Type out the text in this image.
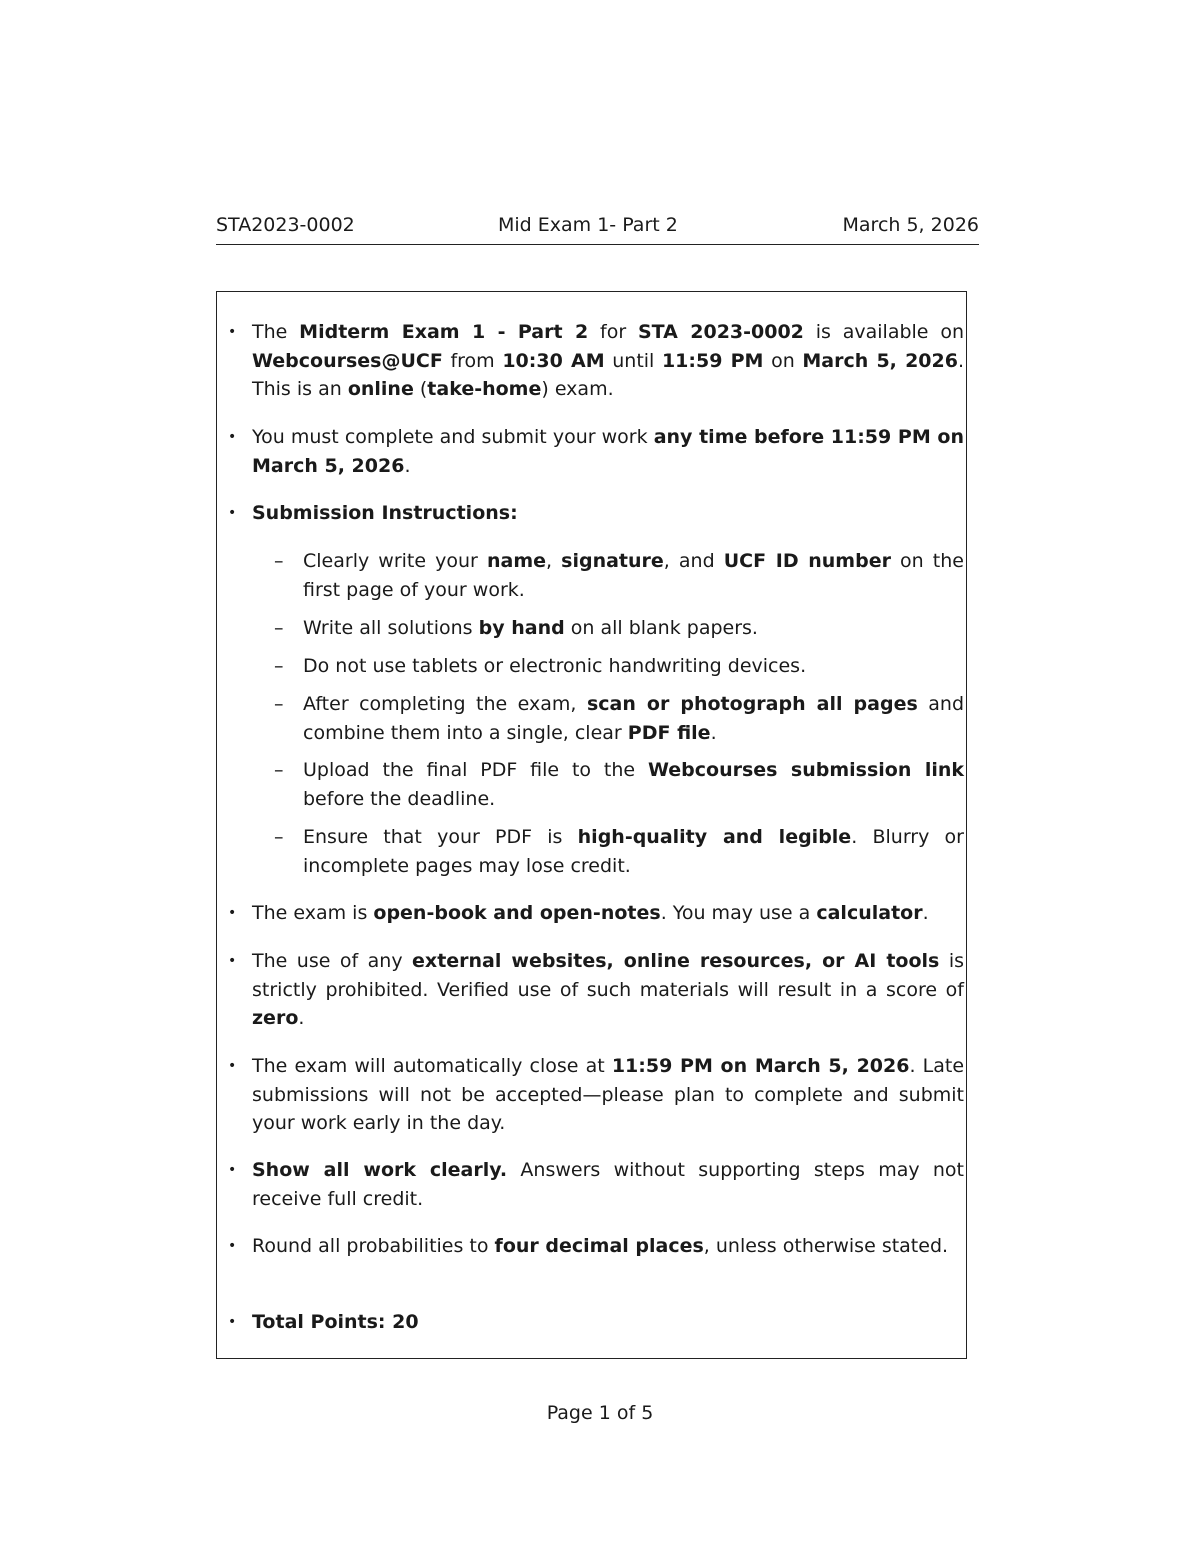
STA2023-0002	Mid Exam 1- Part 2	March 5, 2026
• The Midterm Exam 1 - Part 2 for STA 2023-0002 is available on Webcourses@UCF from 10:30 AM until 11:59 PM on March 5, 2026. This is an online (take-home) exam.
• You must complete and submit your work any time before 11:59 PM on March 5, 2026.
• Submission Instructions:
– Clearly write your name, signature, and UCF ID number on the first page of your work.
– Write all solutions by hand on all blank papers.
– Do not use tablets or electronic handwriting devices.
– After completing the exam, scan or photograph all pages and combine them into a single, clear PDF file.
– Upload the final PDF file to the Webcourses submission link before the deadline.
– Ensure that your PDF is high-quality and legible. Blurry or incomplete pages may lose credit.
• The exam is open-book and open-notes. You may use a calculator.
• The use of any external websites, online resources, or AI tools is strictly prohibited. Verified use of such materials will result in a score of zero.
• The exam will automatically close at 11:59 PM on March 5, 2026. Late submissions will not be accepted—please plan to complete and submit your work early in the day.
• Show all work clearly. Answers without supporting steps may not receive full credit.
• Round all probabilities to four decimal places, unless otherwise stated.
• Total Points: 20
Page 1 of 5
